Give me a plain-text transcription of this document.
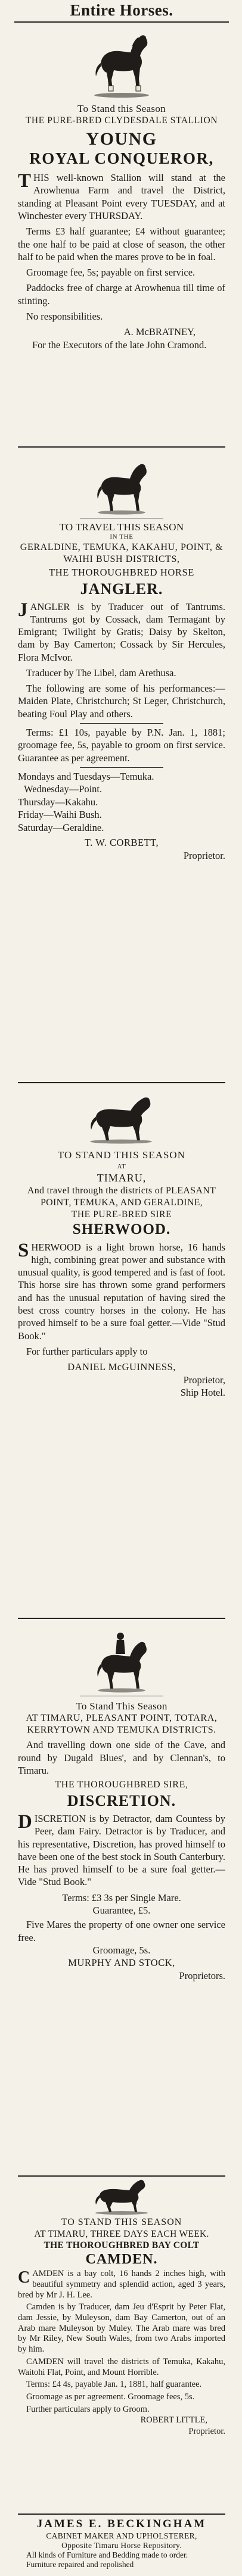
Entire Horses.
To Stand this Season
THE PURE-BRED CLYDESDALE STALLION
YOUNG
ROYAL CONQUEROR,

THIS well-known Stallion will stand at the Arowhenua Farm and travel the District, standing at Pleasant Point every TUESDAY, and at Winchester every THURSDAY.

Terms £3 half guarantee; £4 without guarantee; the one half to be paid at close of season, the other half to be paid when the mares prove to be in foal.

Groomage fee, 5s; payable on first service.

Paddocks free of charge at Arowhenua till time of stinting.

No responsibilities.

A. McBRATNEY,
For the Executors of the late John Cramond.
TO TRAVEL THIS SEASON
IN THE
GERALDINE, TEMUKA, KAKAHU, POINT, & WAIHI BUSH DISTRICTS,
THE THOROUGHBRED HORSE
JANGLER.

JANGLER is by Traducer out of Tantrums. Tantrums got by Cossack, dam Termagant by Emigrant; Twilight by Gratis; Daisy by Skelton, dam by Bay Camerton; Cossack by Sir Hercules, Flora McIvor.

Traducer by The Libel, dam Arethusa.

The following are some of his performances:—Maiden Plate, Christchurch; St Leger, Christchurch, beating Foul Play and others.

Terms: £1 10s, payable by P.N. Jan. 1, 1881; groomage fee, 5s, payable to groom on first service. Guarantee as per agreement.

Mondays and Tuesdays—Temuka.
Wednesday—Point.
Thursday—Kakahu.
Friday—Waihi Bush.
Saturday—Geraldine.
T. W. CORBETT,
Proprietor.
TO STAND THIS SEASON
AT
TIMARU,
And travel through the districts of PLEASANT POINT, TEMUKA, AND GERALDINE,
THE PURE-BRED SIRE
SHERWOOD.

SHERWOOD is a light brown horse, 16 hands high, combining great power and substance with unusual quality, is good tempered and is fast of foot. This horse sire has thrown some grand performers and has the unusual reputation of having sired the best cross country horses in the colony. He has proved himself to be a sure foal getter.—Vide "Stud Book."

For further particulars apply to

DANIEL McGUINNESS,
Proprietor,
Ship Hotel.
To Stand This Season
AT TIMARU, PLEASANT POINT, TOTARA, KERRYTOWN AND TEMUKA DISTRICTS.
And travelling down one side of the Cave, and round by Dugald Blues', and by Clennan's, to Timaru.
THE THOROUGHBRED SIRE,
DISCRETION.

DISCRETION is by Detractor, dam Countess by Peer, dam Fairy. Detractor is by Traducer, and his representative, Discretion, has proved himself to have been one of the best stock in South Canterbury. He has proved himself to be a sure foal getter.—Vide "Stud Book."

Terms: £3 3s per Single Mare.
Guarantee, £5.
Five Mares the property of one owner one service free.
Groomage, 5s.
MURPHY AND STOCK,
Proprietors.
TO STAND THIS SEASON
AT TIMARU, THREE DAYS EACH WEEK.
THE THOROUGHBRED BAY COLT
CAMDEN.

CAMDEN is a bay colt, 16 hands 2 inches high, with beautiful symmetry and splendid action, aged 3 years, bred by Mr J. H. Lee.

Camden is by Traducer, dam Jeu d'Esprit by Peter Flat, dam Jessie, by Muleyson, dam Bay Camerton, out of an Arab mare Muleyson by Muley. The Arab mare was bred by Mr Riley, New South Wales, from two Arabs imported by him.

CAMDEN will travel the districts of Temuka, Kakahu, Waitohi Flat, Point, and Mount Horrible.

Terms: £4 4s, payable Jan. 1, 1881, half guarantee.

Groomage as per agreement. Groomage fees, 5s.

Further particulars apply to Groom.

ROBERT LITTLE,
Proprietor.
JAMES E. BECKINGHAM
CABINET MAKER AND UPHOLSTERER,
Opposite Timaru Horse Repository.
All kinds of Furniture and Bedding made to order.
Furniture repaired and repolished
